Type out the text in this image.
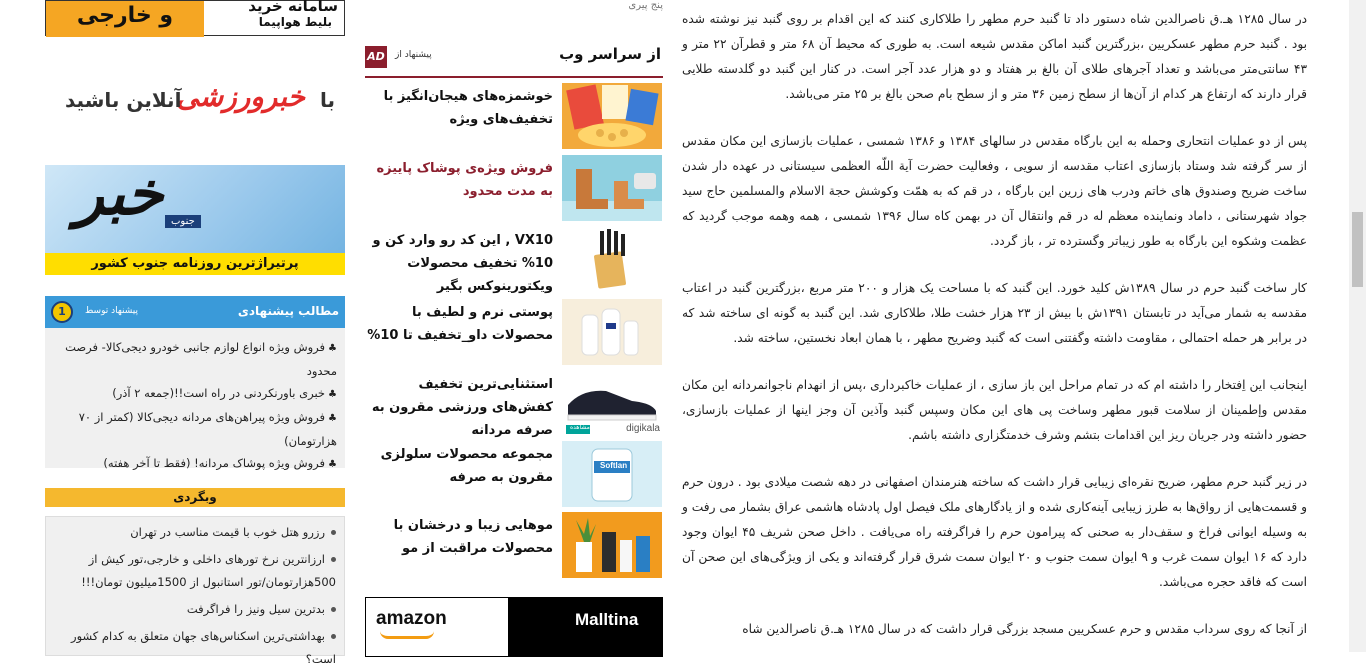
و خارجی	سامانه خرید
بلیط هواپیما
با
خبرورزشی
آنلاین باشید
خبر جنوب
پرتیراژترین روزنامه جنوب کشور
مطالب پیشنهادی
پیشنهاد توسط
1
♣فروش ویژه انواع لوازم جانبی خودرو دیجی‌کالا- فرصت محدود
♣خبری باورنکردنی در راه است!!(جمعه ۲ آذر)
♣فروش ویژه پیراهن‌های مردانه دیجی‌کالا (کمتر از ۷۰ هزارتومان)
♣فروش ویژه پوشاک مردانه! (فقط تا آخر هفته)
وبگردی
رزرو هتل خوب با قیمت مناسب در تهران
ارزانترین نرخ تورهای داخلی و خارجی،تور کیش از 500هزارتومان/تور استانبول از 1500میلیون تومان!!!
بدترین سیل ونیز را فراگرفت
بهداشتی‌ترین اسکناس‌های جهان متعلق به کدام کشور است؟
پنج پیری
از سراسر وب
پیشنهاد از
AD
خوشمزه‌های هیجان‌انگیز با تخفیف‌های ویژه
فروش ویژه‌ی پوشاک پاییزه به مدت محدود
VX10 , این کد رو وارد کن و 10% تخفیف محصولات ویکتورینوکس بگیر
پوستی نرم و لطیف با محصولات داو_تخفیف تا 10%
مشاهده	digikala
استثنایی‌ترین تخفیف کفش‌های ورزشی مقرون به صرفه مردانه
Softlan
مجموعه محصولات سلولزی مقرون به صرفه
موهایی زیبا و درخشان با محصولات مراقبت از مو
amazon	Malltina

در سال ۱۲۸۵ هـ.ق ناصرالدین شاه دستور داد تا گنبد حرم مطهر را طلاکاری کنند که این اقدام بر روی گنبد نیز نوشته شده بود . گنبد حرم مطهر عسکریین ،بزرگترین گنبد اماکن مقدس شیعه است. به طوری که محیط آن ۶۸ متر و قطرآن ۲۲ متر و ۴۳ سانتی‌متر می‌باشد و تعداد آجرهای طلای آن بالغ بر هفتاد و دو هزار عدد آجر است. در کنار این گنبد دو گلدسته طلایی قرار دارند که ارتفاع هر کدام از آن‌ها از سطح زمین ۳۶ متر و از سطح بام صحن بالغ بر ۲۵ متر می‌باشد.

پس از دو عملیات انتحاری وحمله به این بارگاه مقدس در سالهای ۱۳۸۴ و ۱۳۸۶ شمسی ، عملیات بازسازی این مکان مقدس از سر گرفته شد وستاد بازسازی اعتاب مقدسه از سویی ، وفعالیت حضرت آیة اللّه العظمی سیستانی در عهده دار شدن ساخت ضریح وصندوق های خاتم ودرب های زرین این بارگاه ، در قم که به همّت وکوشش حجة الاسلام والمسلمین حاج سید جواد شهرستانی ، داماد ونماینده معظم له در قم وانتقال آن در بهمن کاه سال ۱۳۹۶ شمسی ، همه وهمه موجب گردید که عظمت وشکوه این بارگاه به طور زیباتر وگسترده تر ، باز گردد.

کار ساخت گنبد حرم در سال ۱۳۸۹ش کلید خورد. این گنبد که با مساحت یک هزار و ۲۰۰ متر مربع ،بزرگترین گنبد در اعتاب مقدسه به شمار می‌آید در تابستان ۱۳۹۱ش با بیش از ۲۳ هزار خشت طلا، طلاکاری شد. این گنبد به گونه ای ساخته شد که در برابر هر حمله احتمالی ، مقاومت داشته وگفتنی است که گنبد وضریح مطهر ، با همان ابعاد نخستین، ساخته شد.

اینجانب این اِفتخار را داشته ام که در تمام مراحل این باز سازی ، از عملیات خاکبرداری ،پس از انهدام ناجوانمردانه این مکان مقدس وإطمینان از سلامت قبور مطهر وساخت پی های این مکان وسپس گنبد وآذین آن وجز اینها از عملیات بازسازی، حضور داشته ودر جریان ریز این اقدامات بتشم وشرف خدمتگزاری داشته باشم.

در زیر گنبد حرم مطهر، ضریح نقره‌ای زیبایی قرار داشت که ساخته هنرمندان اصفهانی در دهه شصت میلادی بود . درون حرم و قسمت‌هایی از رواق‌ها به طرز زیبایی آینه‌کاری شده و از یادگارهای ملک فیصل اول پادشاه هاشمی عراق بشمار می رفت و به وسیله ایوانی فراخ و سقف‌دار به صحنی که پیرامون حرم را فراگرفته راه می‌یافت . داخل صحن شریف ۴۵ ایوان وجود دارد که ۱۶ ایوان سمت غرب و ۹ ایوان سمت جنوب و ۲۰ ایوان سمت شرق قرار گرفته‌اند و یکی از ویژگی‌های این صحن آن است که فاقد حجره می‌باشد.

از آنجا که روی سرداب مقدس و حرم عسکریین مسجد بزرگی قرار داشت که در سال ۱۲۸۵ هـ.ق ناصرالدین شاه
